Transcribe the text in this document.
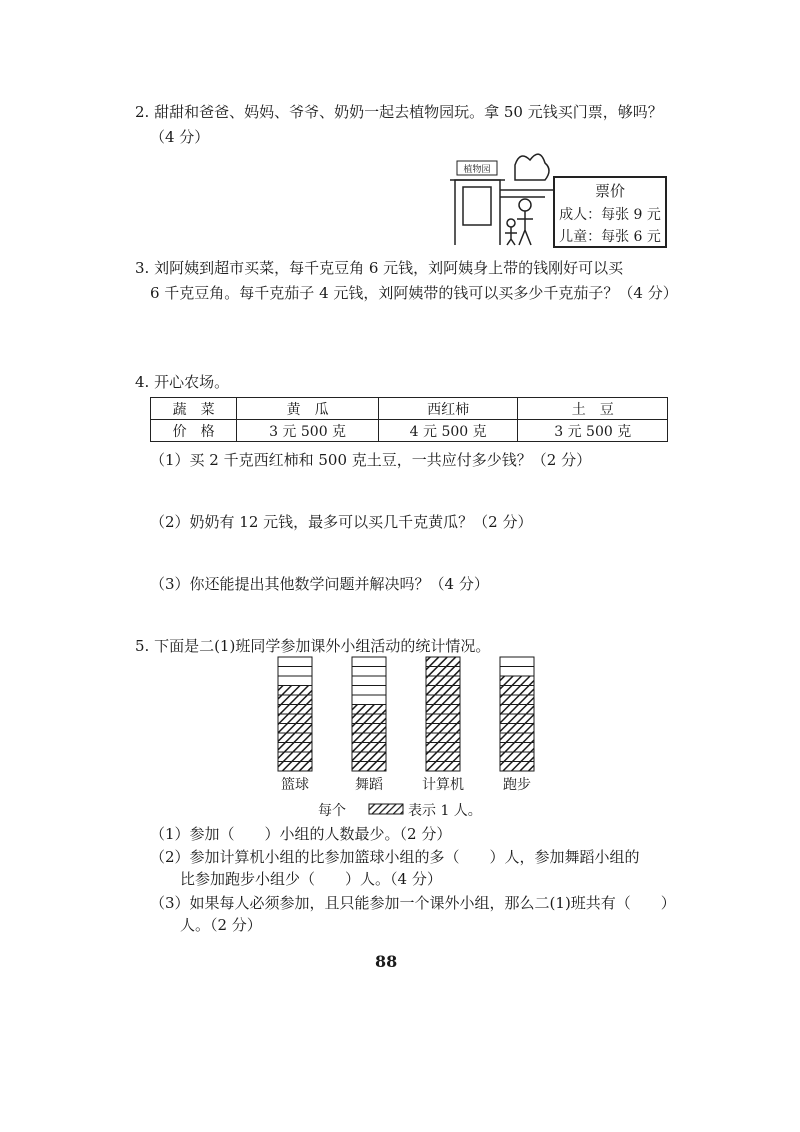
2. 甜甜和爸爸、妈妈、爷爷、奶奶一起去植物园玩。拿 50 元钱买门票，够吗？
（4 分）
植物园
票价
成人：每张 9 元
儿童：每张 6 元
3. 刘阿姨到超市买菜，每千克豆角 6 元钱，刘阿姨身上带的钱刚好可以买
6 千克豆角。每千克茄子 4 元钱，刘阿姨带的钱可以买多少千克茄子？（4 分）
4. 开心农场。
蔬　菜	黄　瓜	西红柿	土　豆
价　格	3 元 500 克	4 元 500 克	3 元 500 克
（1）买 2 千克西红柿和 500 克土豆，一共应付多少钱？（2 分）
（2）奶奶有 12 元钱，最多可以买几千克黄瓜？（2 分）
（3）你还能提出其他数学问题并解决吗？（4 分）
5. 下面是二(1)班同学参加课外小组活动的统计情况。
篮球	舞蹈	计算机	跑步
每个	表示 1 人。
（1）参加（　　）小组的人数最少。（2 分）
（2）参加计算机小组的比参加篮球小组的多（　　）人，参加舞蹈小组的
比参加跑步小组少（　　）人。（4 分）
（3）如果每人必须参加，且只能参加一个课外小组，那么二(1)班共有（　　）
人。（2 分）
88
